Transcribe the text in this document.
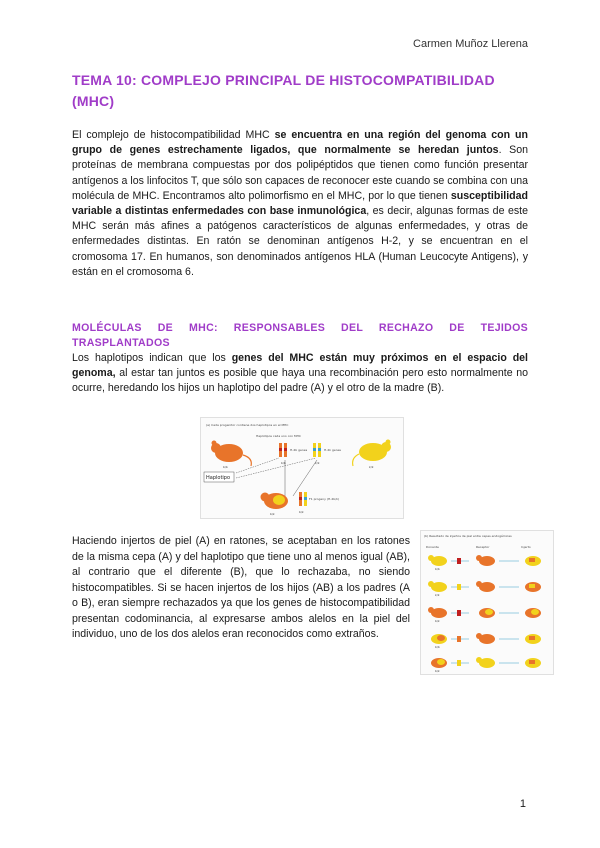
Carmen Muñoz Llerena
TEMA 10: COMPLEJO PRINCIPAL DE HISTOCOMPATIBILIDAD (MHC)

El complejo de histocompatibilidad MHC se encuentra en una región del genoma con un grupo de genes estrechamente ligados, que normalmente se heredan juntos. Son proteínas de membrana compuestas por dos polipéptidos que tienen como función presentar antígenos a los linfocitos T, que sólo son capaces de reconocer este cuando se combina con una molécula de MHC. Encontramos alto polimorfismo en el MHC, por lo que tienen susceptibilidad variable a distintas enfermedades con base inmunológica, es decir, algunas formas de este MHC serán más afines a patógenos característicos de algunas enfermedades, y otras de enfermedades distintas. En ratón se denominan antígenos H-2, y se encuentran en el cromosoma 17. En humanos, son denominados antígenos HLA (Human Leucocyte Antigens), y están en el cromosoma 6.

MOLÉCULAS DE MHC: RESPONSABLES DEL RECHAZO DE TEJIDOS TRASPLANTADOS

Los haplotipos indican que los genes del MHC están muy próximos en el espacio del genoma, al estar tan juntos es posible que haya una recombinación pero esto normalmente no ocurre, heredando los hijos un haplotipo del padre (A) y el otro de la madre (B).

(a) Cada progenitor contiene dos haplotipos en el MHC
Haplotipos cada uno con MHC
b/b
H-2b genes
b/b
H-2k genes
k/k
k/k
Haplotipo
b/k
F1 progeny (H-2b/k)
b/k

Haciendo injertos de piel (A) en ratones, se aceptaban en los ratones de la misma cepa (A) y del haplotipo que tiene uno al menos igual (AB), al contrario que el diferente (B), que lo rechazaba, no siendo histocompatibles. Si se hacen injertos de los hijos (AB) a los padres (A o B), eran siempre rechazados ya que los genes de histocompatibilidad presentan codominancia, al expresarse ambos alelos en la piel del individuo, uno de los dos alelos eran reconocidos como extraños.

(b) Resultado de injertos de piel entre cepas endogámicas
Donante	Receptor	Injerto
b/b
k/k
b/k
b/b
b/k
1
